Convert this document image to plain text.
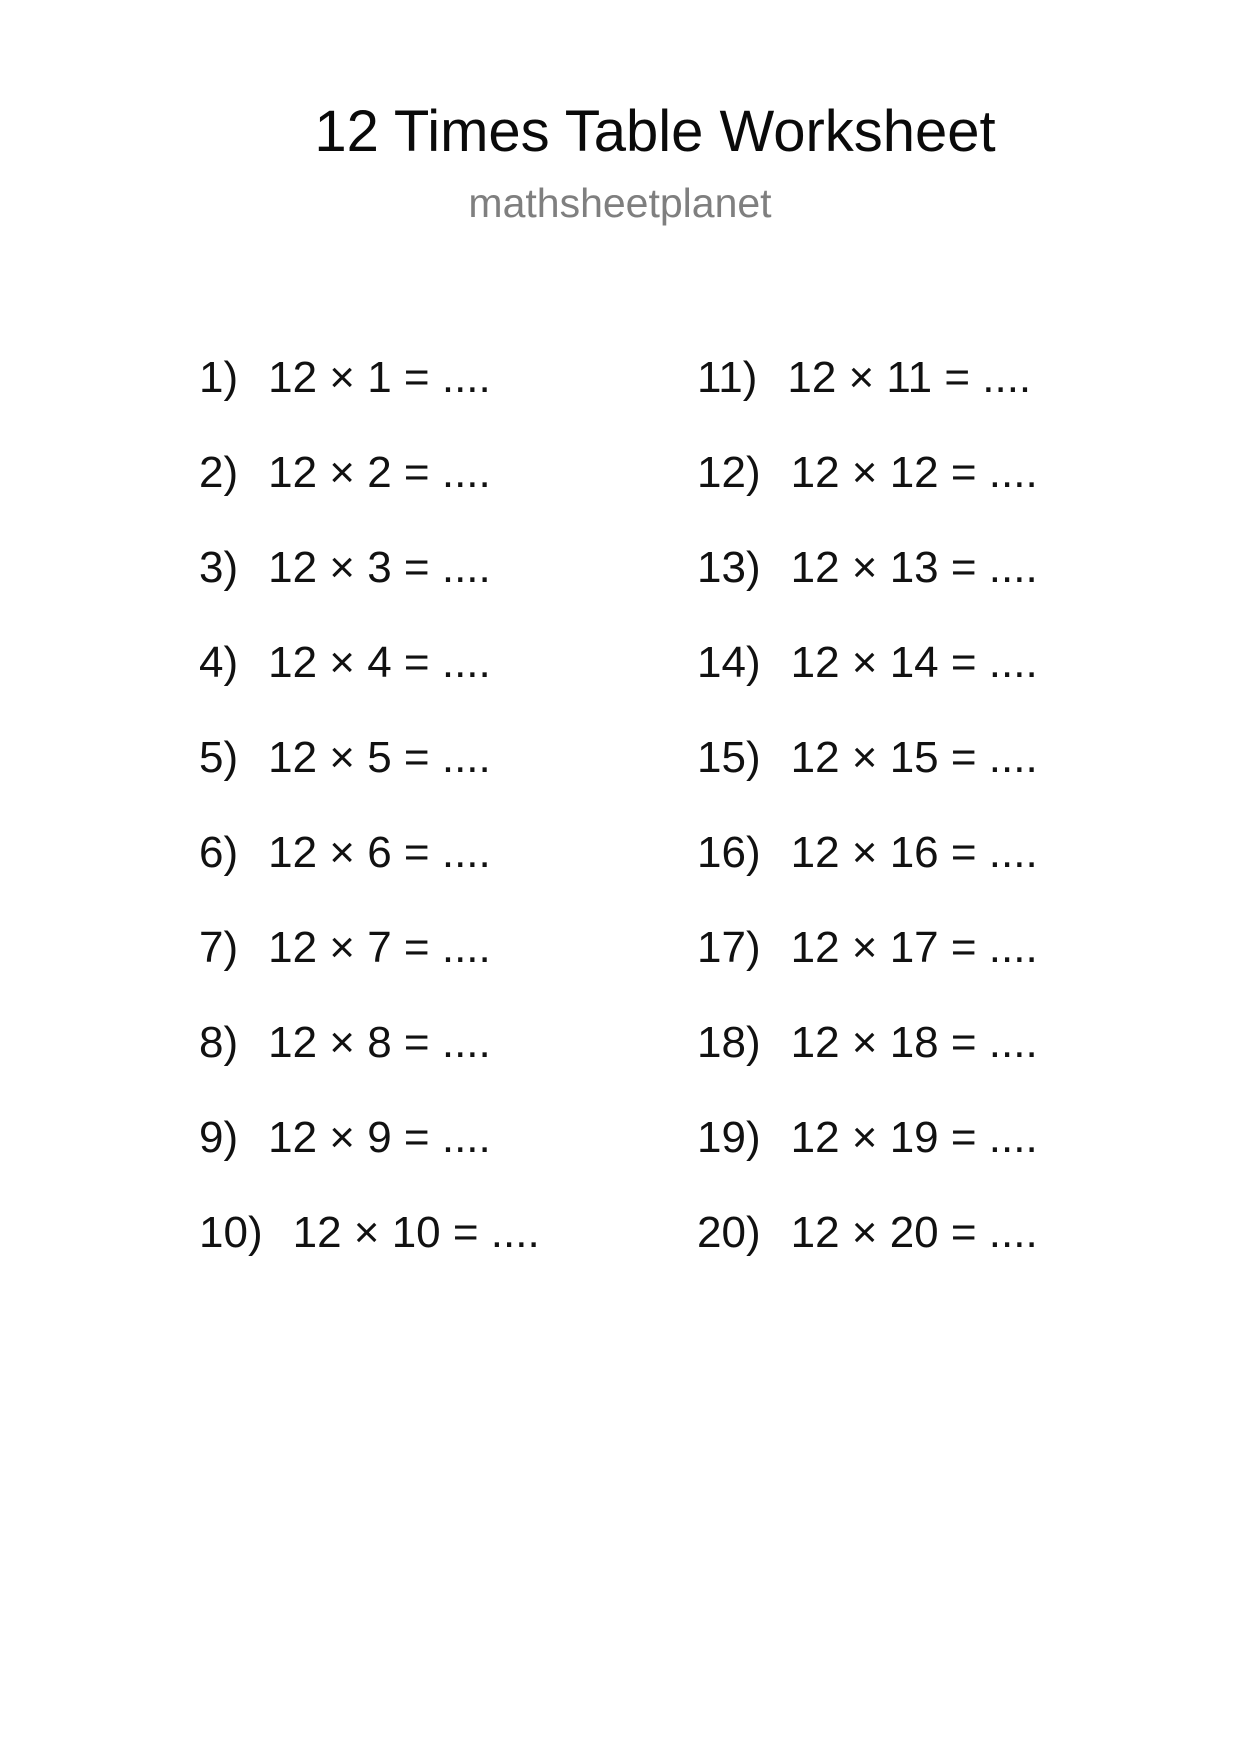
12 Times Table Worksheet
mathsheetplanet
1 ) 12 × 1 = ....
2 ) 12 × 2 = ....
3 ) 12 × 3 = ....
4 ) 12 × 4 = ....
5 ) 12 × 5 = ....
6 ) 12 × 6 = ....
7 ) 12 × 7 = ....
8 ) 12 × 8 = ....
9 ) 12 × 9 = ....
10 ) 12 × 10 = ....
11 ) 12 × 11 = ....
12 ) 12 × 12 = ....
13 ) 12 × 13 = ....
14 ) 12 × 14 = ....
15 ) 12 × 15 = ....
16 ) 12 × 16 = ....
17 ) 12 × 17 = ....
18 ) 12 × 18 = ....
19 ) 12 × 19 = ....
20 ) 12 × 20 = ....
